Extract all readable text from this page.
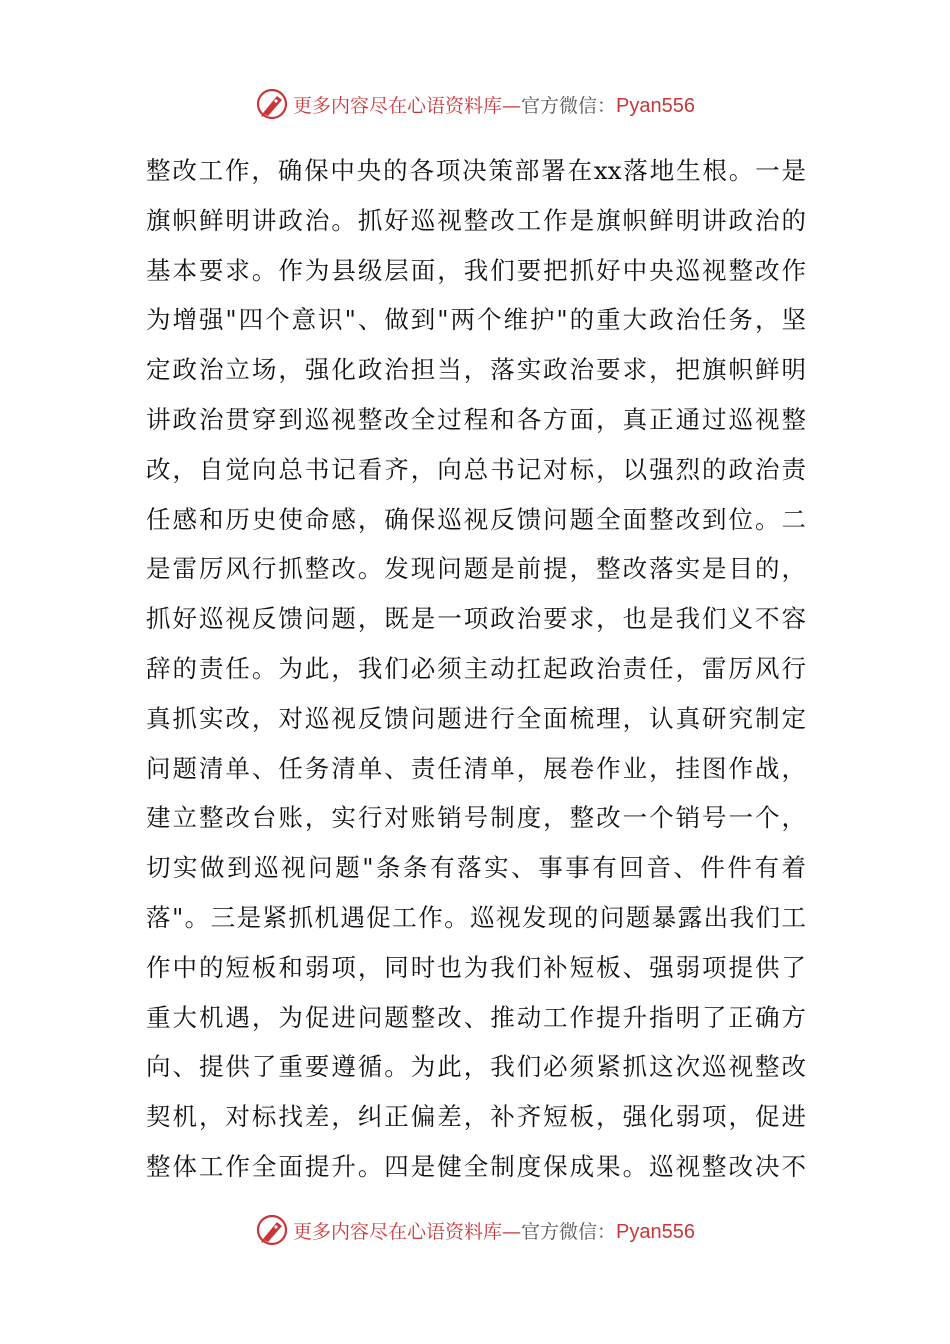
更多内容尽在心语资料库—官方微信：Pyan556
整改工作，确保中央的各项决策部署在xx落地生根。一是
旗帜鲜明讲政治。抓好巡视整改工作是旗帜鲜明讲政治的
基本要求。作为县级层面，我们要把抓好中央巡视整改作
为增强"四个意识"、做到"两个维护"的重大政治任务，坚
定政治立场，强化政治担当，落实政治要求，把旗帜鲜明
讲政治贯穿到巡视整改全过程和各方面，真正通过巡视整
改，自觉向总书记看齐，向总书记对标，以强烈的政治责
任感和历史使命感，确保巡视反馈问题全面整改到位。二
是雷厉风行抓整改。发现问题是前提，整改落实是目的，
抓好巡视反馈问题，既是一项政治要求，也是我们义不容
辞的责任。为此，我们必须主动扛起政治责任，雷厉风行
真抓实改，对巡视反馈问题进行全面梳理，认真研究制定
问题清单、任务清单、责任清单，展卷作业，挂图作战，
建立整改台账，实行对账销号制度，整改一个销号一个，
切实做到巡视问题"条条有落实、事事有回音、件件有着
落"。三是紧抓机遇促工作。巡视发现的问题暴露出我们工
作中的短板和弱项，同时也为我们补短板、强弱项提供了
重大机遇，为促进问题整改、推动工作提升指明了正确方
向、提供了重要遵循。为此，我们必须紧抓这次巡视整改
契机，对标找差，纠正偏差，补齐短板，强化弱项，促进
整体工作全面提升。四是健全制度保成果。巡视整改决不
更多内容尽在心语资料库—官方微信：Pyan556
